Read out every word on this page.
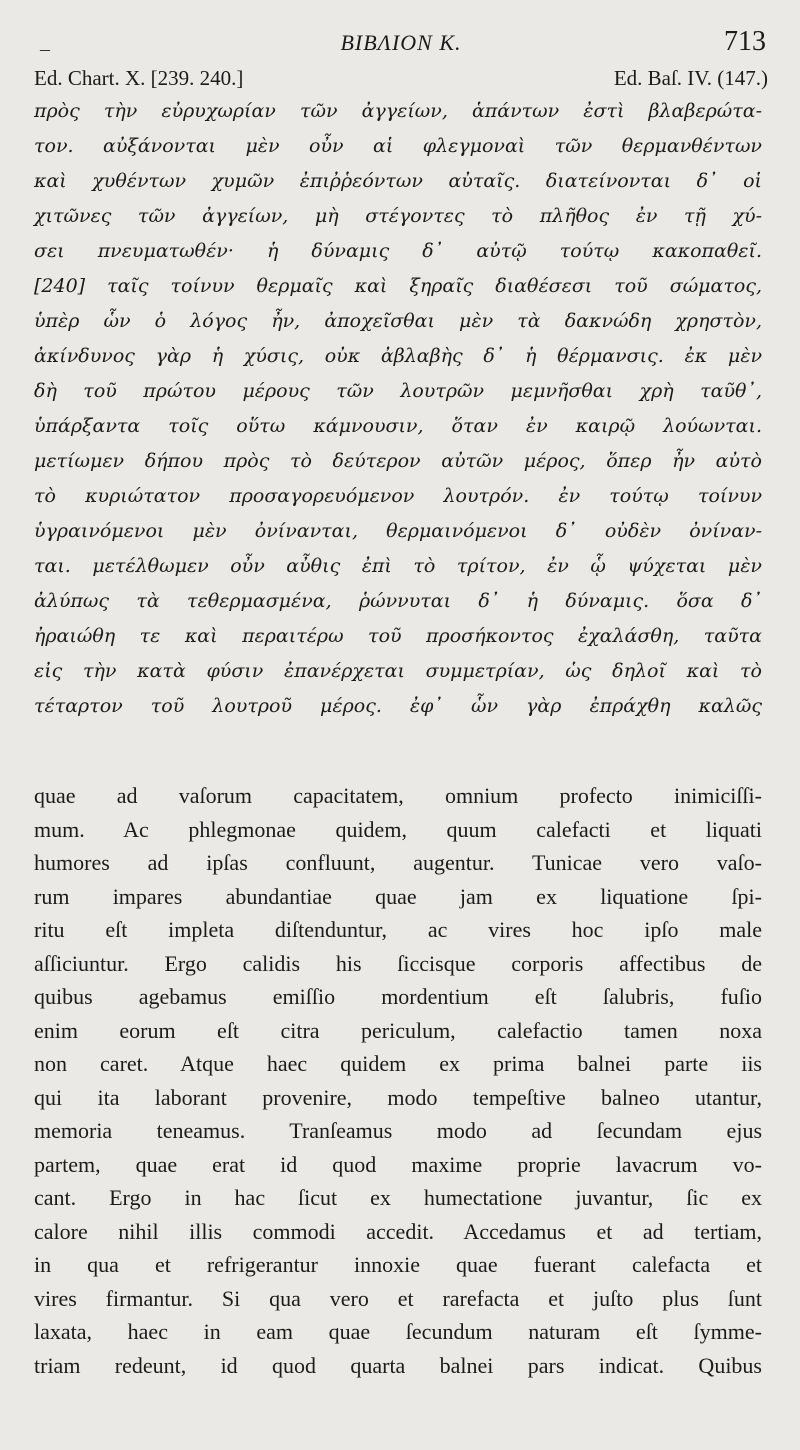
–	BIBΛΙΟΝ K.	713
Ed. Chart. X. [239. 240.]	Ed. Baſ. IV. (147.)
πρὸς τὴν εὐρυχωρίαν τῶν ἀγγείων, ἁπάντων ἐστὶ βλαβερώτα-
τον. αὐξάνονται μὲν οὖν αἱ φλεγμοναὶ τῶν θερμανθέντων
καὶ χυθέντων χυμῶν ἐπιῤῥεόντων αὐταῖς. διατείνονται δ᾽ οἱ
χιτῶνες τῶν ἀγγείων, μὴ στέγοντες τὸ πλῆθος ἐν τῇ χύ-
σει πνευματωθέν· ἡ δύναμις δ᾽ αὐτῷ τούτῳ κακοπαθεῖ.
[240] ταῖς τοίνυν θερμαῖς καὶ ξηραῖς διαθέσεσι τοῦ σώματος,
ὑπὲρ ὧν ὁ λόγος ἦν, ἀποχεῖσθαι μὲν τὰ δακνώδη χρηστὸν,
ἀκίνδυνος γὰρ ἡ χύσις, οὐκ ἀβλαβὴς δ᾽ ἡ θέρμανσις. ἐκ μὲν
δὴ τοῦ πρώτου μέρους τῶν λουτρῶν μεμνῆσθαι χρὴ ταῦθ᾽,
ὑπάρξαντα τοῖς οὕτω κάμνουσιν, ὅταν ἐν καιρῷ λούωνται.
μετίωμεν δήπου πρὸς τὸ δεύτερον αὐτῶν μέρος, ὅπερ ἦν αὐτὸ
τὸ κυριώτατον προσαγορευόμενον λουτρόν. ἐν τούτῳ τοίνυν
ὑγραινόμενοι μὲν ὀνίνανται, θερμαινόμενοι δ᾽ οὐδὲν ὀνίναν-
ται. μετέλθωμεν οὖν αὖθις ἐπὶ τὸ τρίτον, ἐν ᾧ ψύχεται μὲν
ἀλύπως τὰ τεθερμασμένα, ῥώννυται δ᾽ ἡ δύναμις. ὅσα δ᾽
ἠραιώθη τε καὶ περαιτέρω τοῦ προσήκοντος ἐχαλάσθη, ταῦτα
εἰς τὴν κατὰ φύσιν ἐπανέρχεται συμμετρίαν, ὡς δηλοῖ καὶ τὸ
τέταρτον τοῦ λουτροῦ μέρος. ἐφ᾽ ὧν γὰρ ἐπράχθη καλῶς
quae ad vaſorum capacitatem, omnium profecto inimiciſſi-
mum. Ac phlegmonae quidem, quum calefacti et liquati
humores ad ipſas confluunt, augentur. Tunicae vero vaſo-
rum impares abundantiae quae jam ex liquatione ſpi-
ritu eſt impleta diſtenduntur, ac vires hoc ipſo male
aſſiciuntur. Ergo calidis his ſiccisque corporis affectibus de
quibus agebamus emiſſio mordentium eſt ſalubris, fuſio
enim eorum eſt citra periculum, calefactio tamen noxa
non caret. Atque haec quidem ex prima balnei parte iis
qui ita laborant provenire, modo tempeſtive balneo utantur,
memoria teneamus. Tranſeamus modo ad ſecundam ejus
partem, quae erat id quod maxime proprie lavacrum vo-
cant. Ergo in hac ſicut ex humectatione juvantur, ſic ex
calore nihil illis commodi accedit. Accedamus et ad tertiam,
in qua et refrigerantur innoxie quae fuerant calefacta et
vires firmantur. Si qua vero et rarefacta et juſto plus ſunt
laxata, haec in eam quae ſecundum naturam eſt ſymme-
triam redeunt, id quod quarta balnei pars indicat. Quibus
